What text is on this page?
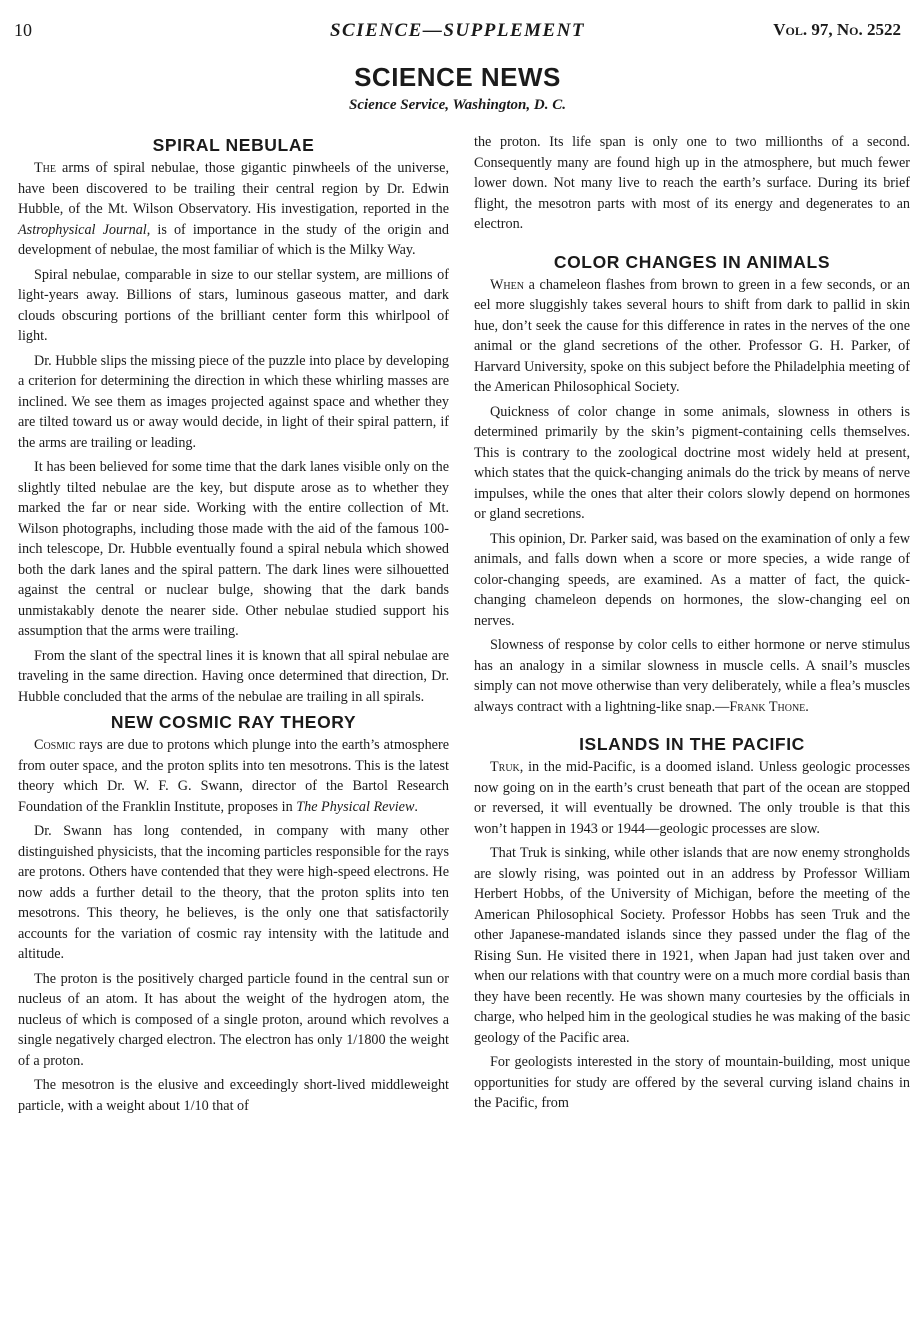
10	SCIENCE—SUPPLEMENT	Vol. 97, No. 2522
SCIENCE NEWS
Science Service, Washington, D. C.
SPIRAL NEBULAE

The arms of spiral nebulae, those gigantic pinwheels of the universe, have been discovered to be trailing their central region by Dr. Edwin Hubble, of the Mt. Wilson Observatory. His investigation, reported in the Astrophysical Journal, is of importance in the study of the origin and development of nebulae, the most familiar of which is the Milky Way.

Spiral nebulae, comparable in size to our stellar system, are millions of light-years away. Billions of stars, luminous gaseous matter, and dark clouds obscuring portions of the brilliant center form this whirlpool of light.

Dr. Hubble slips the missing piece of the puzzle into place by developing a criterion for determining the direction in which these whirling masses are inclined. We see them as images projected against space and whether they are tilted toward us or away would decide, in light of their spiral pattern, if the arms are trailing or leading.

It has been believed for some time that the dark lanes visible only on the slightly tilted nebulae are the key, but dispute arose as to whether they marked the far or near side. Working with the entire collection of Mt. Wilson photographs, including those made with the aid of the famous 100-inch telescope, Dr. Hubble eventually found a spiral nebula which showed both the dark lanes and the spiral pattern. The dark lines were silhouetted against the central or nuclear bulge, showing that the dark bands unmistakably denote the nearer side. Other nebulae studied support his assumption that the arms were trailing.

From the slant of the spectral lines it is known that all spiral nebulae are traveling in the same direction. Having once determined that direction, Dr. Hubble concluded that the arms of the nebulae are trailing in all spirals.

NEW COSMIC RAY THEORY

Cosmic rays are due to protons which plunge into the earth’s atmosphere from outer space, and the proton splits into ten mesotrons. This is the latest theory which Dr. W. F. G. Swann, director of the Bartol Research Foundation of the Franklin Institute, proposes in The Physical Review.

Dr. Swann has long contended, in company with many other distinguished physicists, that the incoming particles responsible for the rays are protons. Others have contended that they were high-speed electrons. He now adds a further detail to the theory, that the proton splits into ten mesotrons. This theory, he believes, is the only one that satisfactorily accounts for the variation of cosmic ray intensity with the latitude and altitude.

The proton is the positively charged particle found in the central sun or nucleus of an atom. It has about the weight of the hydrogen atom, the nucleus of which is composed of a single proton, around which revolves a single negatively charged electron. The electron has only 1/1800 the weight of a proton.

The mesotron is the elusive and exceedingly short-lived middleweight particle, with a weight about 1/10 that of

the proton. Its life span is only one to two millionths of a second. Consequently many are found high up in the atmosphere, but much fewer lower down. Not many live to reach the earth’s surface. During its brief flight, the mesotron parts with most of its energy and degenerates to an electron.

COLOR CHANGES IN ANIMALS

When a chameleon flashes from brown to green in a few seconds, or an eel more sluggishly takes several hours to shift from dark to pallid in skin hue, don’t seek the cause for this difference in rates in the nerves of the one animal or the gland secretions of the other. Professor G. H. Parker, of Harvard University, spoke on this subject before the Philadelphia meeting of the American Philosophical Society.

Quickness of color change in some animals, slowness in others is determined primarily by the skin’s pigment-containing cells themselves. This is contrary to the zoological doctrine most widely held at present, which states that the quick-changing animals do the trick by means of nerve impulses, while the ones that alter their colors slowly depend on hormones or gland secretions.

This opinion, Dr. Parker said, was based on the examination of only a few animals, and falls down when a score or more species, a wide range of color-changing speeds, are examined. As a matter of fact, the quick-changing chameleon depends on hormones, the slow-changing eel on nerves.

Slowness of response by color cells to either hormone or nerve stimulus has an analogy in a similar slowness in muscle cells. A snail’s muscles simply can not move otherwise than very deliberately, while a flea’s muscles always contract with a lightning-like snap.—Frank Thone.

ISLANDS IN THE PACIFIC

Truk, in the mid-Pacific, is a doomed island. Unless geologic processes now going on in the earth’s crust beneath that part of the ocean are stopped or reversed, it will eventually be drowned. The only trouble is that this won’t happen in 1943 or 1944—geologic processes are slow.

That Truk is sinking, while other islands that are now enemy strongholds are slowly rising, was pointed out in an address by Professor William Herbert Hobbs, of the University of Michigan, before the meeting of the American Philosophical Society. Professor Hobbs has seen Truk and the other Japanese-mandated islands since they passed under the flag of the Rising Sun. He visited there in 1921, when Japan had just taken over and when our relations with that country were on a much more cordial basis than they have been recently. He was shown many courtesies by the officials in charge, who helped him in the geological studies he was making of the basic geology of the Pacific area.

For geologists interested in the story of mountain-building, most unique opportunities for study are offered by the several curving island chains in the Pacific, from
